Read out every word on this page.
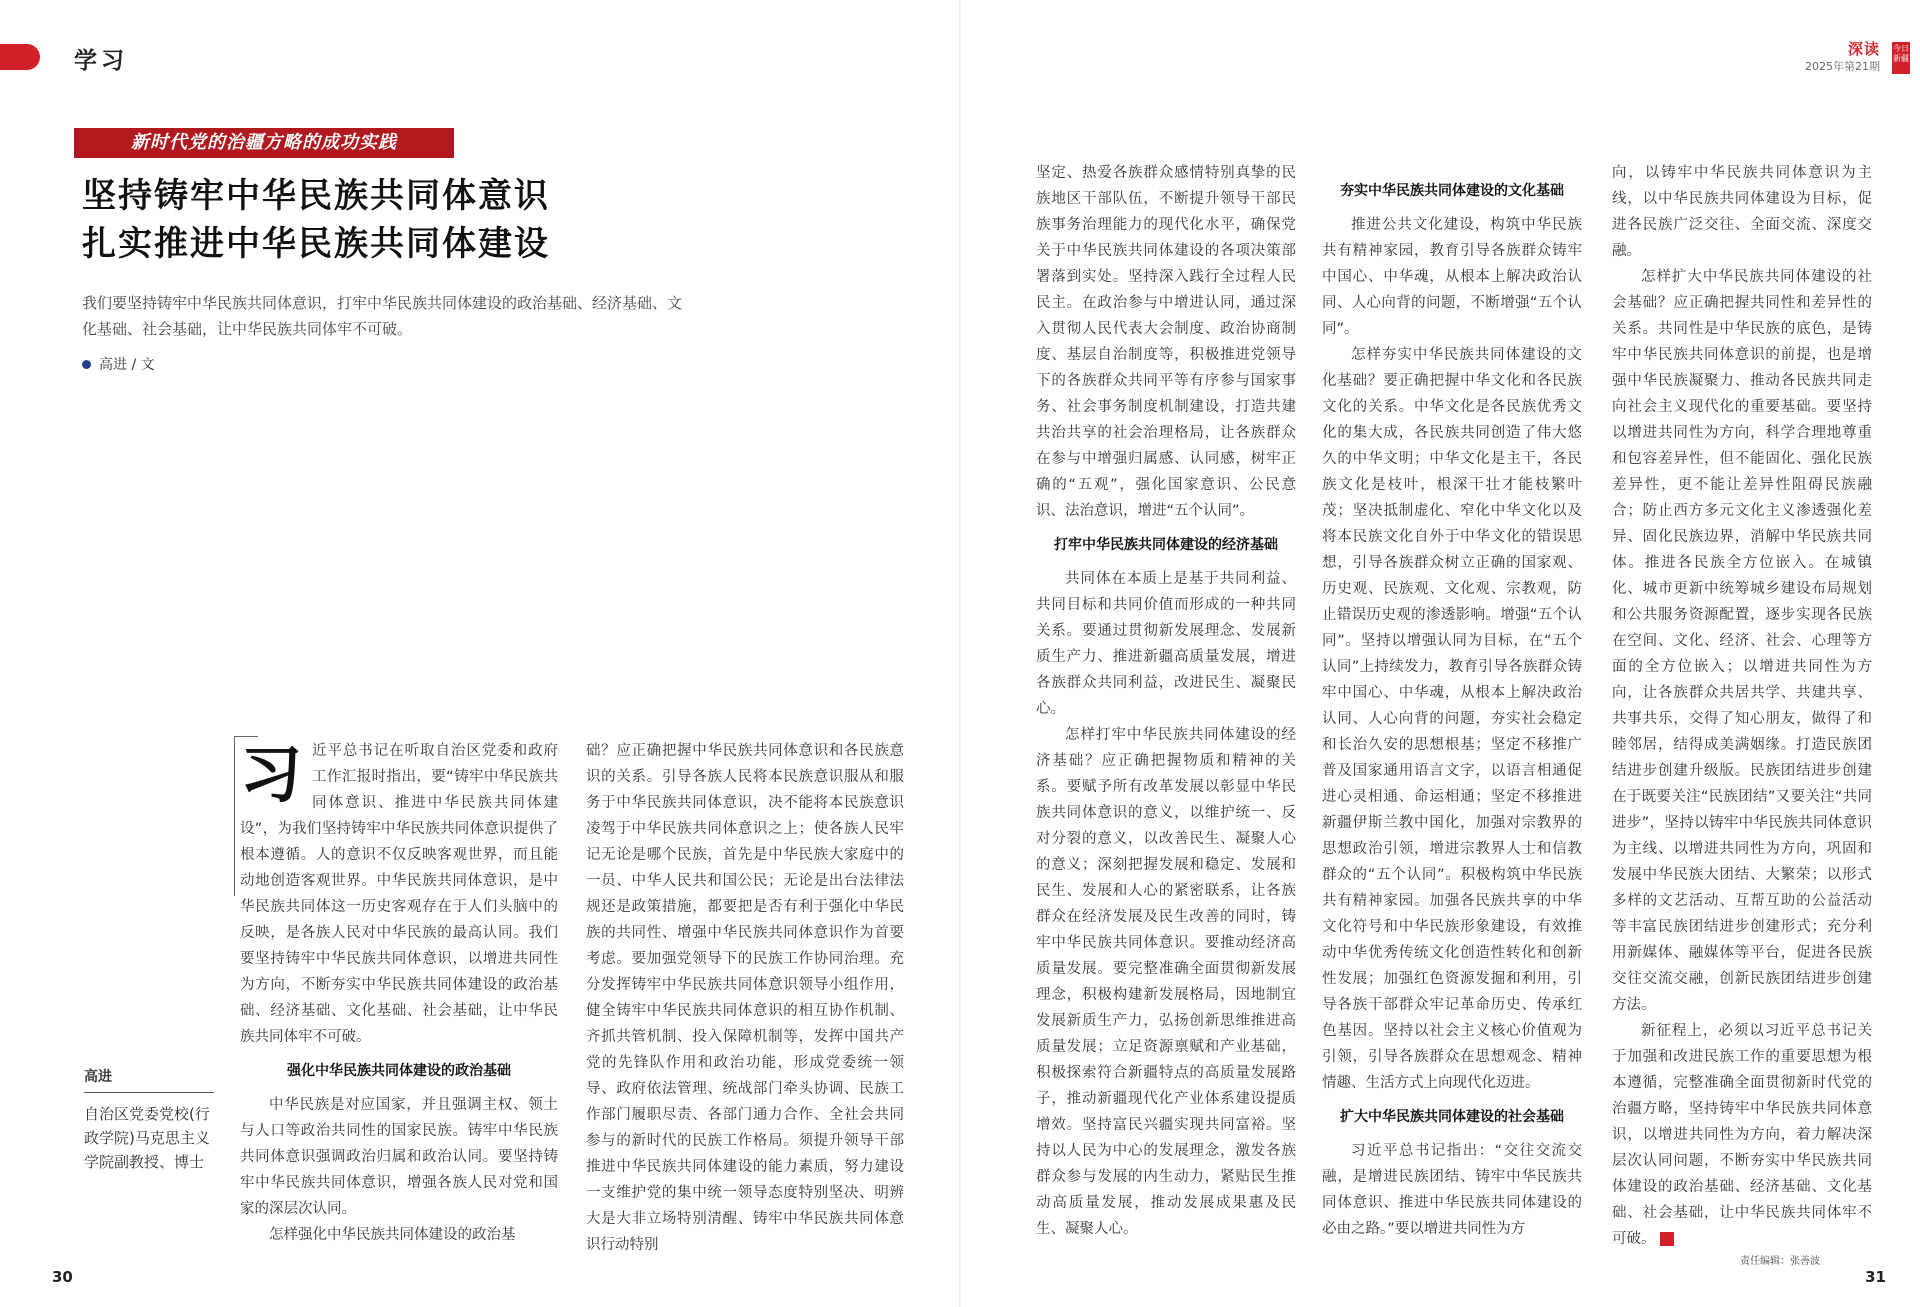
学习	深读
2025年第21期
今日新疆
新时代党的治疆方略的成功实践
坚持铸牢中华民族共同体意识
扎实推进中华民族共同体建设
我们要坚持铸牢中华民族共同体意识，打牢中华民族共同体建设的政治基础、经济基础、文化基础、社会基础，让中华民族共同体牢不可破。
高进 / 文
高进
自治区党委党校(行政学院)马克思主义学院副教授、博士
习 近平总书记在听取自治区党委和政府工作汇报时指出，要“铸牢中华民族共同体意识、推进中华民族共同体建设”，为我们坚持铸牢中华民族共同体意识提供了根本遵循。人的意识不仅反映客观世界，而且能动地创造客观世界。中华民族共同体意识，是中华民族共同体这一历史客观存在于人们头脑中的反映，是各族人民对中华民族的最高认同。我们要坚持铸牢中华民族共同体意识，以增进共同性为方向，不断夯实中华民族共同体建设的政治基础、经济基础、文化基础、社会基础，让中华民族共同体牢不可破。

强化中华民族共同体建设的政治基础

中华民族是对应国家，并且强调主权、领土与人口等政治共同性的国家民族。铸牢中华民族共同体意识强调政治归属和政治认同。要坚持铸牢中华民族共同体意识，增强各族人民对党和国家的深层次认同。

怎样强化中华民族共同体建设的政治基

础？应正确把握中华民族共同体意识和各民族意识的关系。引导各族人民将本民族意识服从和服务于中华民族共同体意识，决不能将本民族意识凌驾于中华民族共同体意识之上；使各族人民牢记无论是哪个民族，首先是中华民族大家庭中的一员、中华人民共和国公民；无论是出台法律法规还是政策措施，都要把是否有利于强化中华民族的共同性、增强中华民族共同体意识作为首要考虑。要加强党领导下的民族工作协同治理。充分发挥铸牢中华民族共同体意识领导小组作用，健全铸牢中华民族共同体意识的相互协作机制、齐抓共管机制、投入保障机制等，发挥中国共产党的先锋队作用和政治功能，形成党委统一领导、政府依法管理、统战部门牵头协调、民族工作部门履职尽责、各部门通力合作、全社会共同参与的新时代的民族工作格局。须提升领导干部推进中华民族共同体建设的能力素质，努力建设一支维护党的集中统一领导态度特别坚决、明辨大是大非立场特别清醒、铸牢中华民族共同体意识行动特别

坚定、热爱各族群众感情特别真挚的民族地区干部队伍，不断提升领导干部民族事务治理能力的现代化水平，确保党关于中华民族共同体建设的各项决策部署落到实处。坚持深入践行全过程人民民主。在政治参与中增进认同，通过深入贯彻人民代表大会制度、政治协商制度、基层自治制度等，积极推进党领导下的各族群众共同平等有序参与国家事务、社会事务制度机制建设，打造共建共治共享的社会治理格局，让各族群众在参与中增强归属感、认同感，树牢正确的“五观”，强化国家意识、公民意识、法治意识，增进“五个认同”。

打牢中华民族共同体建设的经济基础

共同体在本质上是基于共同利益、共同目标和共同价值而形成的一种共同关系。要通过贯彻新发展理念、发展新质生产力、推进新疆高质量发展，增进各族群众共同利益，改进民生、凝聚民心。

怎样打牢中华民族共同体建设的经济基础？应正确把握物质和精神的关系。要赋予所有改革发展以彰显中华民族共同体意识的意义，以维护统一、反对分裂的意义，以改善民生、凝聚人心的意义；深刻把握发展和稳定、发展和民生、发展和人心的紧密联系，让各族群众在经济发展及民生改善的同时，铸牢中华民族共同体意识。要推动经济高质量发展。要完整准确全面贯彻新发展理念，积极构建新发展格局，因地制宜发展新质生产力，弘扬创新思维推进高质量发展；立足资源禀赋和产业基础，积极探索符合新疆特点的高质量发展路子，推动新疆现代化产业体系建设提质增效。坚持富民兴疆实现共同富裕。坚持以人民为中心的发展理念，激发各族群众参与发展的内生动力，紧贴民生推动高质量发展，推动发展成果惠及民生、凝聚人心。

夯实中华民族共同体建设的文化基础

推进公共文化建设，构筑中华民族共有精神家园，教育引导各族群众铸牢中国心、中华魂，从根本上解决政治认同、人心向背的问题，不断增强“五个认同”。

怎样夯实中华民族共同体建设的文化基础？要正确把握中华文化和各民族文化的关系。中华文化是各民族优秀文化的集大成，各民族共同创造了伟大悠久的中华文明；中华文化是主干，各民族文化是枝叶，根深干壮才能枝繁叶茂；坚决抵制虚化、窄化中华文化以及将本民族文化自外于中华文化的错误思想，引导各族群众树立正确的国家观、历史观、民族观、文化观、宗教观，防止错误历史观的渗透影响。增强“五个认同”。坚持以增强认同为目标，在“五个认同”上持续发力，教育引导各族群众铸牢中国心、中华魂，从根本上解决政治认同、人心向背的问题，夯实社会稳定和长治久安的思想根基；坚定不移推广普及国家通用语言文字，以语言相通促进心灵相通、命运相通；坚定不移推进新疆伊斯兰教中国化，加强对宗教界的思想政治引领，增进宗教界人士和信教群众的“五个认同”。积极构筑中华民族共有精神家园。加强各民族共享的中华文化符号和中华民族形象建设，有效推动中华优秀传统文化创造性转化和创新性发展；加强红色资源发掘和利用，引导各族干部群众牢记革命历史、传承红色基因。坚持以社会主义核心价值观为引领，引导各族群众在思想观念、精神情趣、生活方式上向现代化迈进。

扩大中华民族共同体建设的社会基础

习近平总书记指出：“交往交流交融，是增进民族团结、铸牢中华民族共同体意识、推进中华民族共同体建设的必由之路。”要以增进共同性为方

向，以铸牢中华民族共同体意识为主线，以中华民族共同体建设为目标，促进各民族广泛交往、全面交流、深度交融。

怎样扩大中华民族共同体建设的社会基础？应正确把握共同性和差异性的关系。共同性是中华民族的底色，是铸牢中华民族共同体意识的前提，也是增强中华民族凝聚力、推动各民族共同走向社会主义现代化的重要基础。要坚持以增进共同性为方向，科学合理地尊重和包容差异性，但不能固化、强化民族差异性，更不能让差异性阻碍民族融合；防止西方多元文化主义渗透强化差异、固化民族边界，消解中华民族共同体。推进各民族全方位嵌入。在城镇化、城市更新中统筹城乡建设布局规划和公共服务资源配置，逐步实现各民族在空间、文化、经济、社会、心理等方面的全方位嵌入；以增进共同性为方向，让各族群众共居共学、共建共享、共事共乐，交得了知心朋友，做得了和睦邻居，结得成美满姻缘。打造民族团结进步创建升级版。民族团结进步创建在于既要关注“民族团结”又要关注“共同进步”，坚持以铸牢中华民族共同体意识为主线、以增进共同性为方向，巩固和发展中华民族大团结、大繁荣；以形式多样的文艺活动、互帮互助的公益活动等丰富民族团结进步创建形式；充分利用新媒体、融媒体等平台，促进各民族交往交流交融，创新民族团结进步创建方法。

新征程上，必须以习近平总书记关于加强和改进民族工作的重要思想为根本遵循，完整准确全面贯彻新时代党的治疆方略，坚持铸牢中华民族共同体意识，以增进共同性为方向，着力解决深层次认同问题，不断夯实中华民族共同体建设的政治基础、经济基础、文化基础、社会基础，让中华民族共同体牢不可破。

30
责任编辑：张善波
31
